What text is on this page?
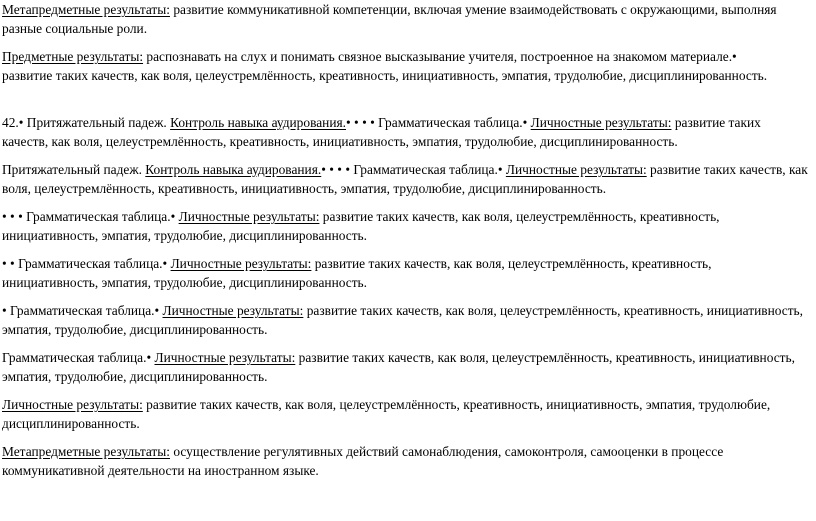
Метапредметные результаты: развитие коммуникативной компетенции, включая умение взаимодействовать с окружающими, выполняя разные социальные роли.

Предметные результаты: распознавать на слух и понимать связное высказывание учителя, построенное на знакомом материале.•
развитие таких качеств, как воля, целеустремлённость, креативность, инициативность, эмпатия, трудолюбие, дисциплинированность.

42.• Притяжательный падеж. Контроль навыка аудирования.• • • • Грамматическая таблица.• Личностные результаты: развитие таких качеств, как воля, целеустремлённость, креативность, инициативность, эмпатия, трудолюбие, дисциплинированность.

Притяжательный падеж. Контроль навыка аудирования.• • • • Грамматическая таблица.• Личностные результаты: развитие таких качеств, как воля, целеустремлённость, креативность, инициативность, эмпатия, трудолюбие, дисциплинированность.

• • • Грамматическая таблица.• Личностные результаты: развитие таких качеств, как воля, целеустремлённость, креативность, инициативность, эмпатия, трудолюбие, дисциплинированность.

• • Грамматическая таблица.• Личностные результаты: развитие таких качеств, как воля, целеустремлённость, креативность, инициативность, эмпатия, трудолюбие, дисциплинированность.

• Грамматическая таблица.• Личностные результаты: развитие таких качеств, как воля, целеустремлённость, креативность, инициативность, эмпатия, трудолюбие, дисциплинированность.

Грамматическая таблица.• Личностные результаты: развитие таких качеств, как воля, целеустремлённость, креативность, инициативность, эмпатия, трудолюбие, дисциплинированность.

Личностные результаты: развитие таких качеств, как воля, целеустремлённость, креативность, инициативность, эмпатия, трудолюбие, дисциплинированность.

Метапредметные результаты: осуществление регулятивных действий самонаблюдения, самоконтроля, самооценки в процессе коммуникативной деятельности на иностранном языке.
